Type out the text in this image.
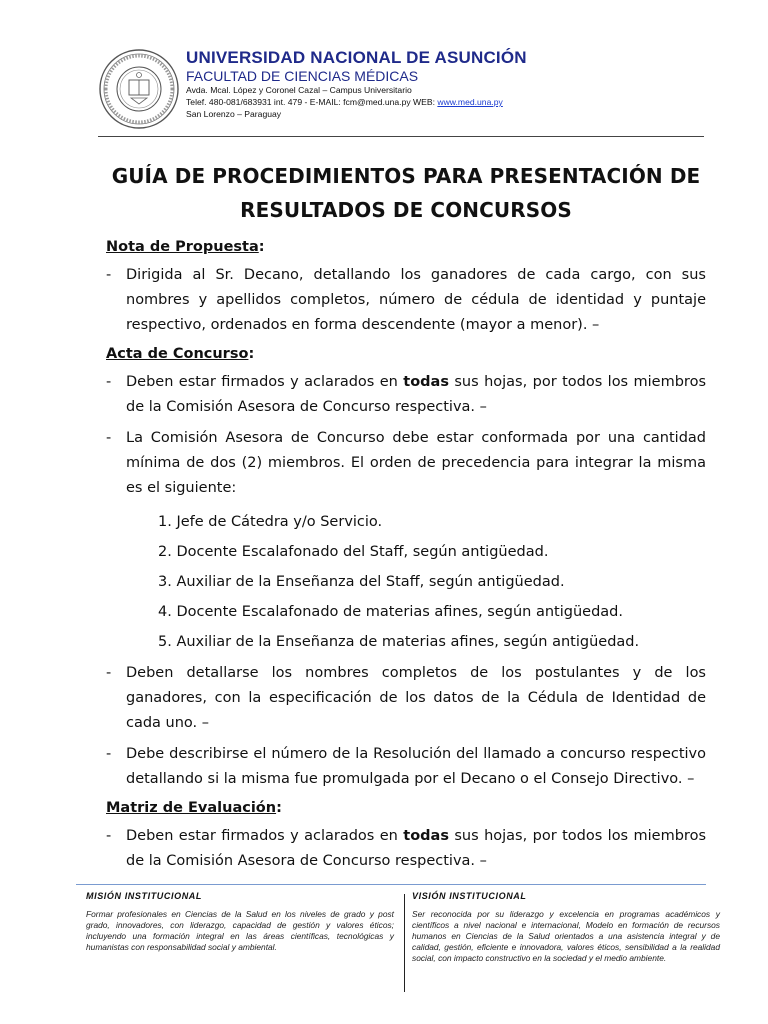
UNIVERSIDAD NACIONAL DE ASUNCIÓN
FACULTAD DE CIENCIAS MÉDICAS
Avda. Mcal. López y Coronel Cazal – Campus Universitario
Telef. 480-081/683931 int. 479 - E-MAIL: fcm@med.una.py WEB: www.med.una.py
San Lorenzo – Paraguay
GUÍA DE PROCEDIMIENTOS PARA PRESENTACIÓN DE
RESULTADOS DE CONCURSOS
Nota de Propuesta:
- Dirigida al Sr. Decano, detallando los ganadores de cada cargo, con sus nombres y apellidos completos, número de cédula de identidad y puntaje respectivo, ordenados en forma descendente (mayor a menor). –
Acta de Concurso:
- Deben estar firmados y aclarados en todas sus hojas, por todos los miembros de la Comisión Asesora de Concurso respectiva. –
- La Comisión Asesora de Concurso debe estar conformada por una cantidad mínima de dos (2) miembros. El orden de precedencia para integrar la misma es el siguiente:
1. Jefe de Cátedra y/o Servicio.
2. Docente Escalafonado del Staff, según antigüedad.
3. Auxiliar de la Enseñanza del Staff, según antigüedad.
4. Docente Escalafonado de materias afines, según antigüedad.
5. Auxiliar de la Enseñanza de materias afines, según antigüedad.
- Deben detallarse los nombres completos de los postulantes y de los ganadores, con la especificación de los datos de la Cédula de Identidad de cada uno. –
- Debe describirse el número de la Resolución del llamado a concurso respectivo detallando si la misma fue promulgada por el Decano o el Consejo Directivo. –
Matriz de Evaluación:
- Deben estar firmados y aclarados en todas sus hojas, por todos los miembros de la Comisión Asesora de Concurso respectiva. –
MISIÓN INSTITUCIONAL
Formar profesionales en Ciencias de la Salud en los niveles de grado y post grado, innovadores, con liderazgo, capacidad de gestión y valores éticos; incluyendo una formación integral en las áreas científicas, tecnológicas y humanistas con responsabilidad social y ambiental.
VISIÓN INSTITUCIONAL
Ser reconocida por su liderazgo y excelencia en programas académicos y científicos a nivel nacional e internacional, Modelo en formación de recursos humanos en Ciencias de la Salud orientados a una asistencia integral y de calidad, gestión, eficiente e innovadora, valores éticos, sensibilidad a la realidad social, con impacto constructivo en la sociedad y el medio ambiente.
